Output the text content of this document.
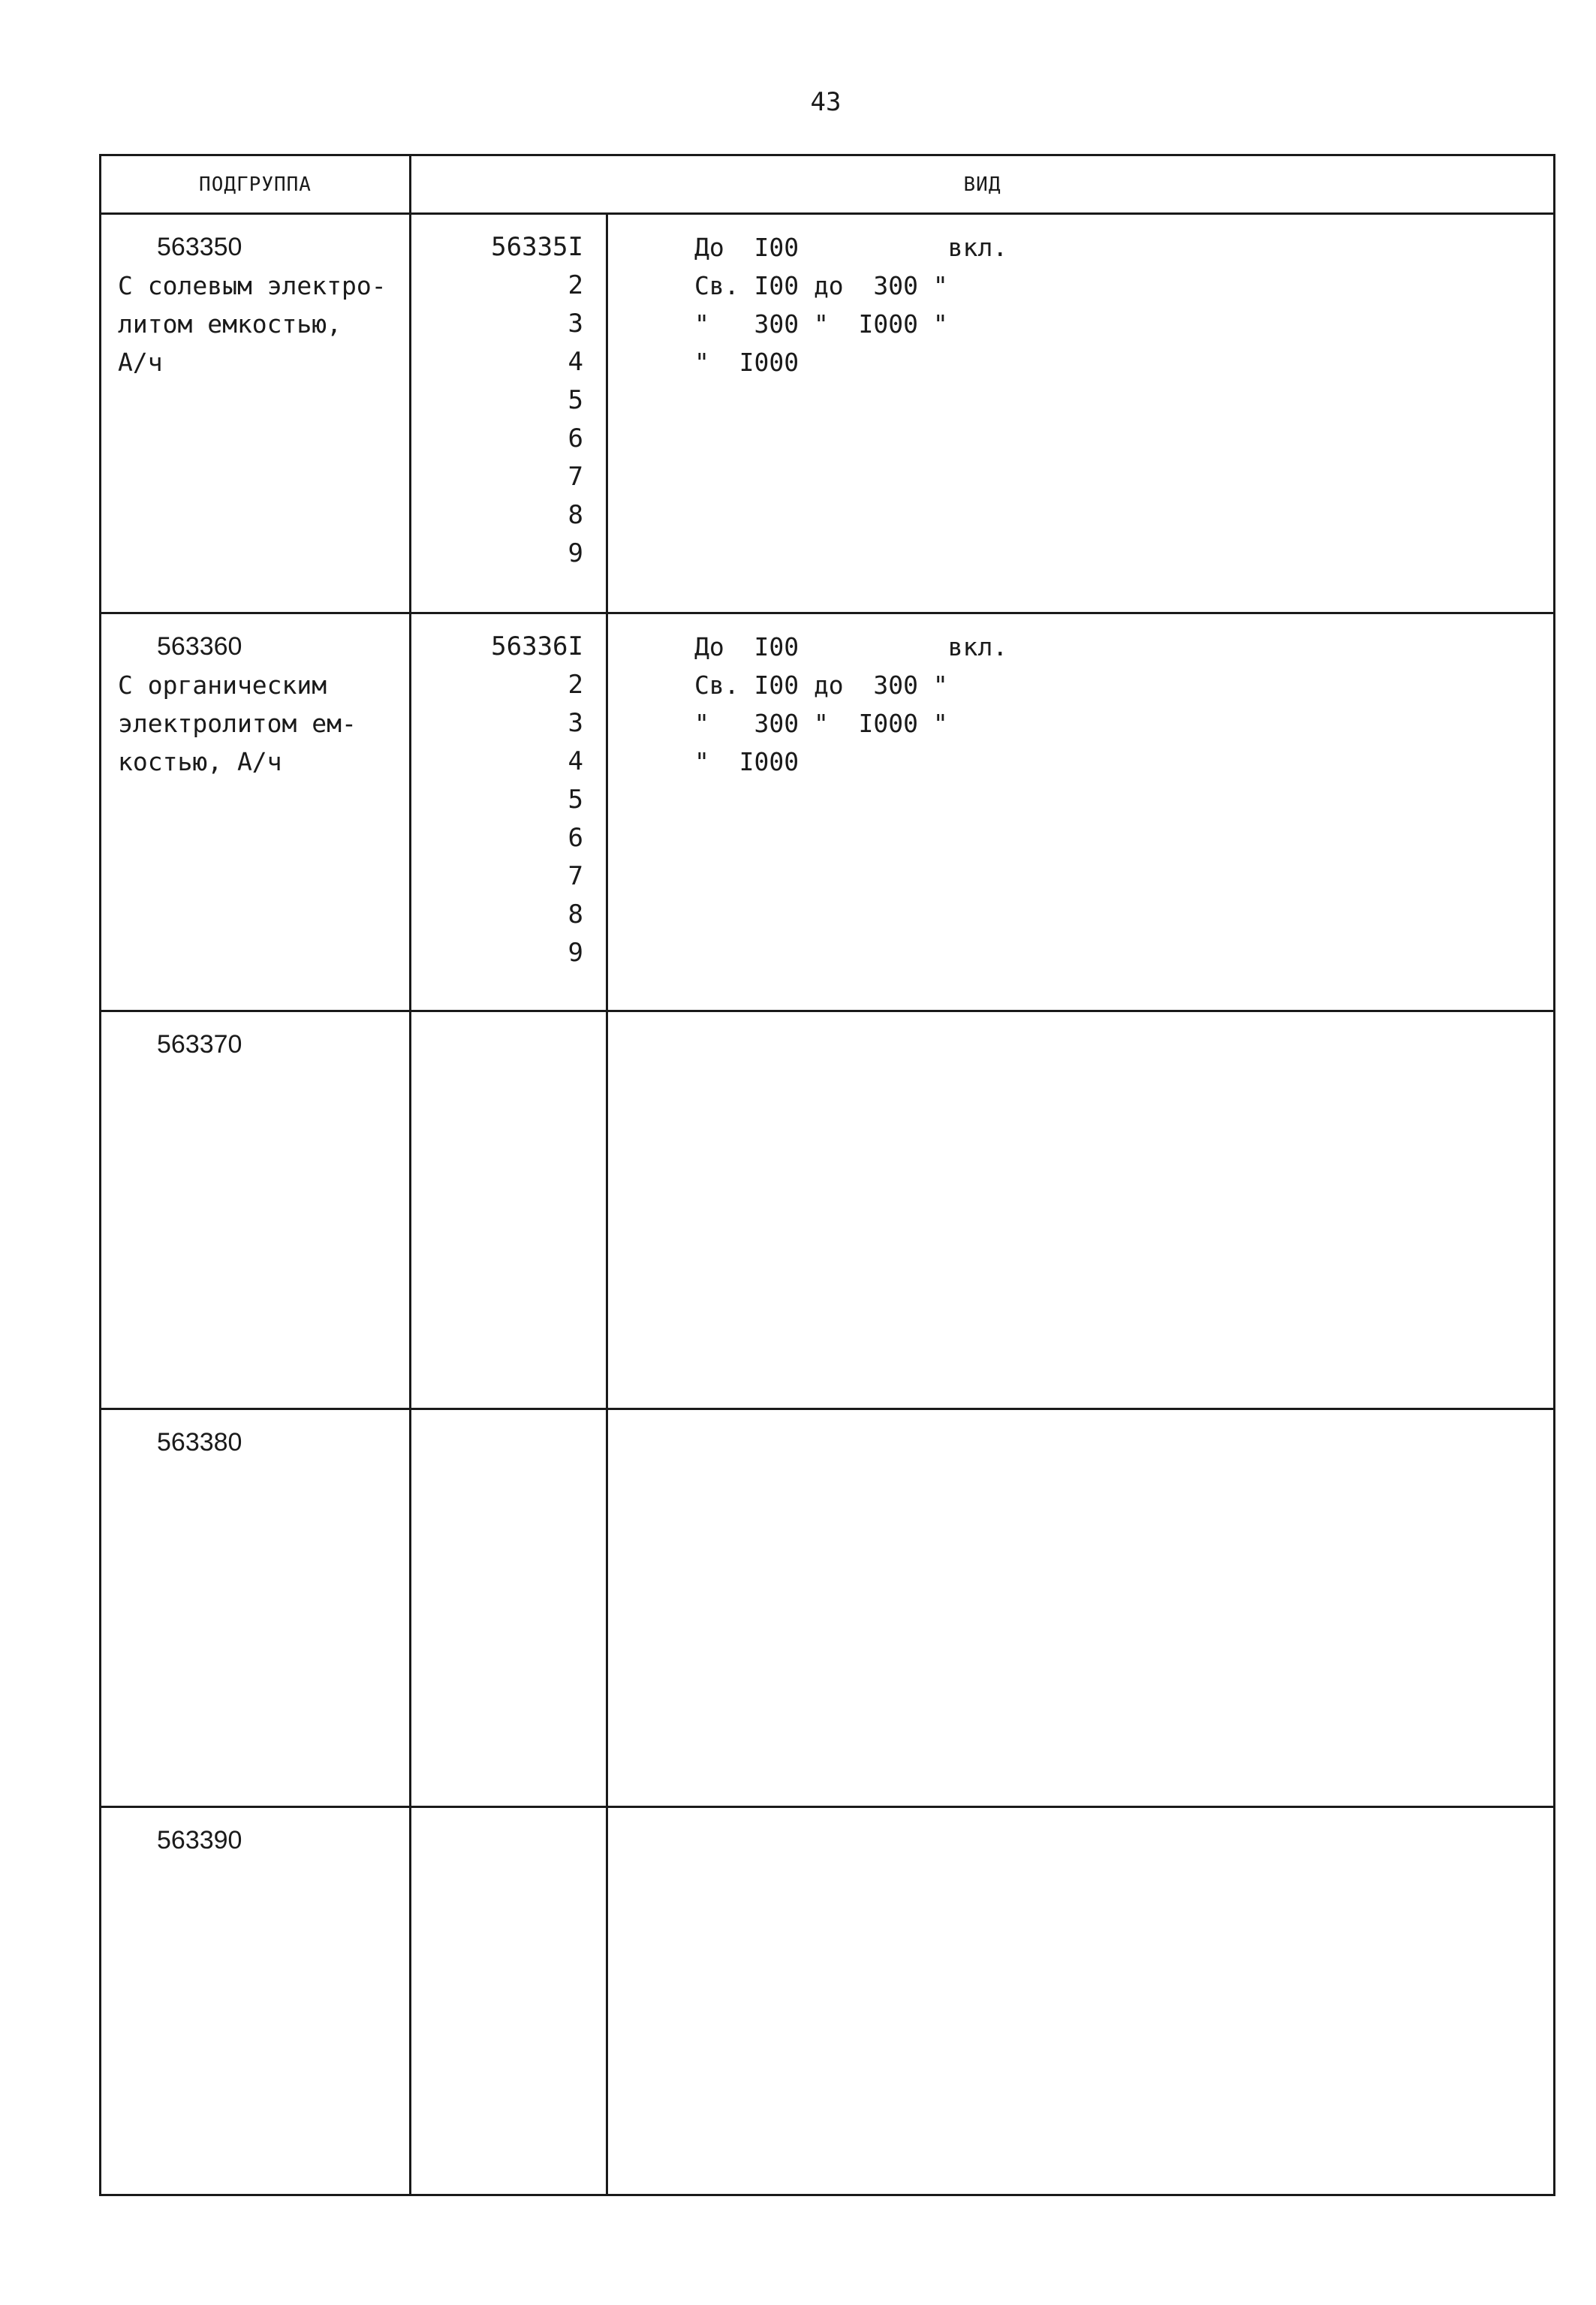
43
ПОДГРУППА	ВИД
563350
С солевым электро-
литом емкостью,
А/ч
56335I
2
3
4
5
6
7
8
9
До  I00          вкл.
Св. I00 до  300 "
"   300 "  I000 "
"  I000
563360
С органическим
электролитом ем-
костью, А/ч
56336I
2
3
4
5
6
7
8
9
До  I00          вкл.
Св. I00 до  300 "
"   300 "  I000 "
"  I000
563370
563380
563390
